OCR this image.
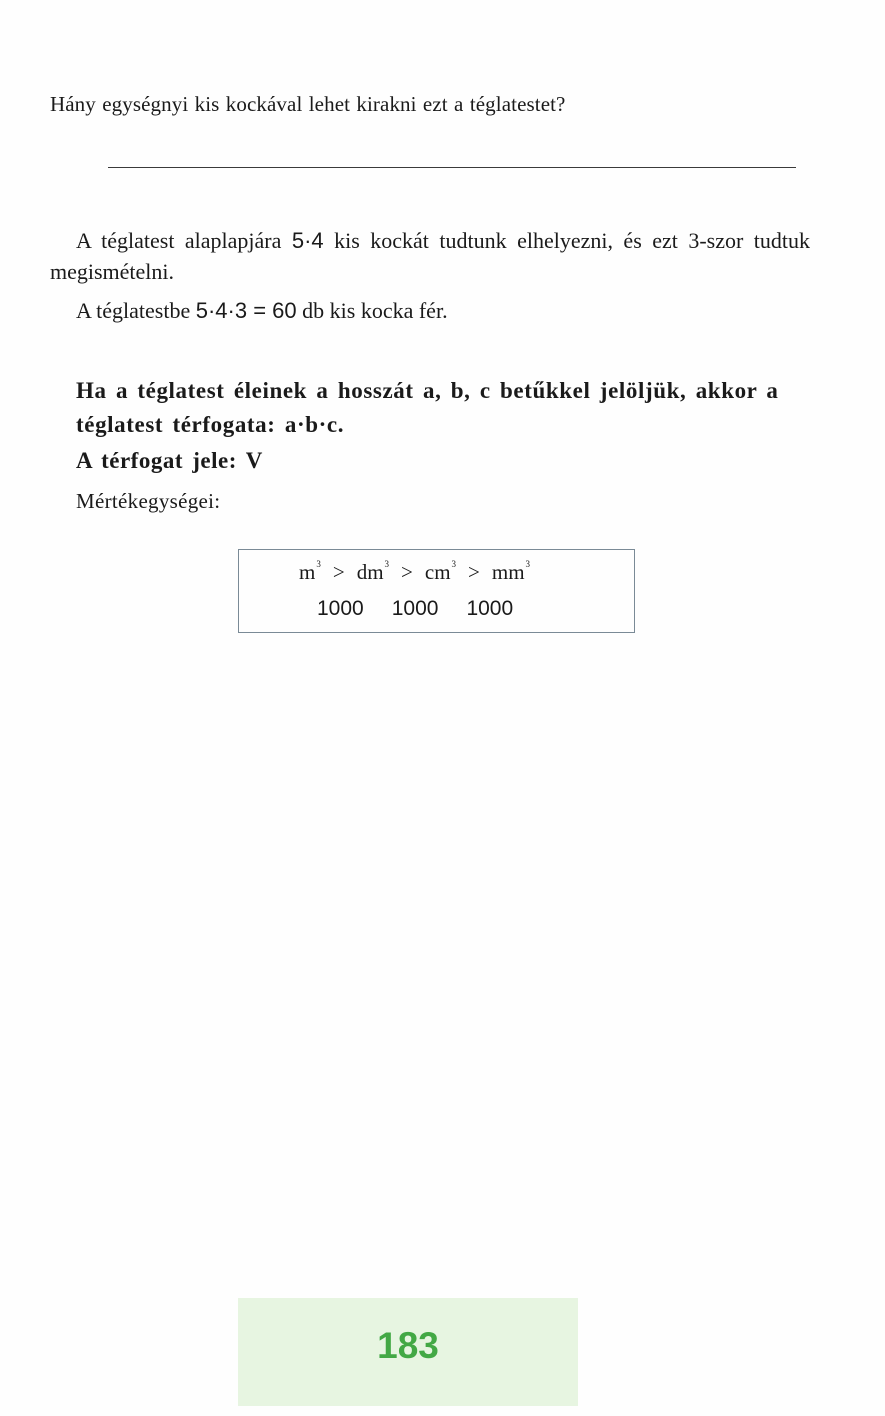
Hány egységnyi kis kockával lehet kirakni ezt a téglatestet?

A téglatest alaplapjára 5·4 kis kockát tudtunk elhelyezni, és ezt 3-szor tudtuk megismételni.

A téglatestbe 5·4·3 = 60 db kis kocka fér.

Ha a téglatest éleinek a hosszát a, b, c betűkkel jelöljük, akkor a téglatest térfogata: a·b·c.
A térfogat jele: V
Mértékegységei:
$m^3 > dm^3 > cm^3 > mm^3$
1000 1000 1000
183
